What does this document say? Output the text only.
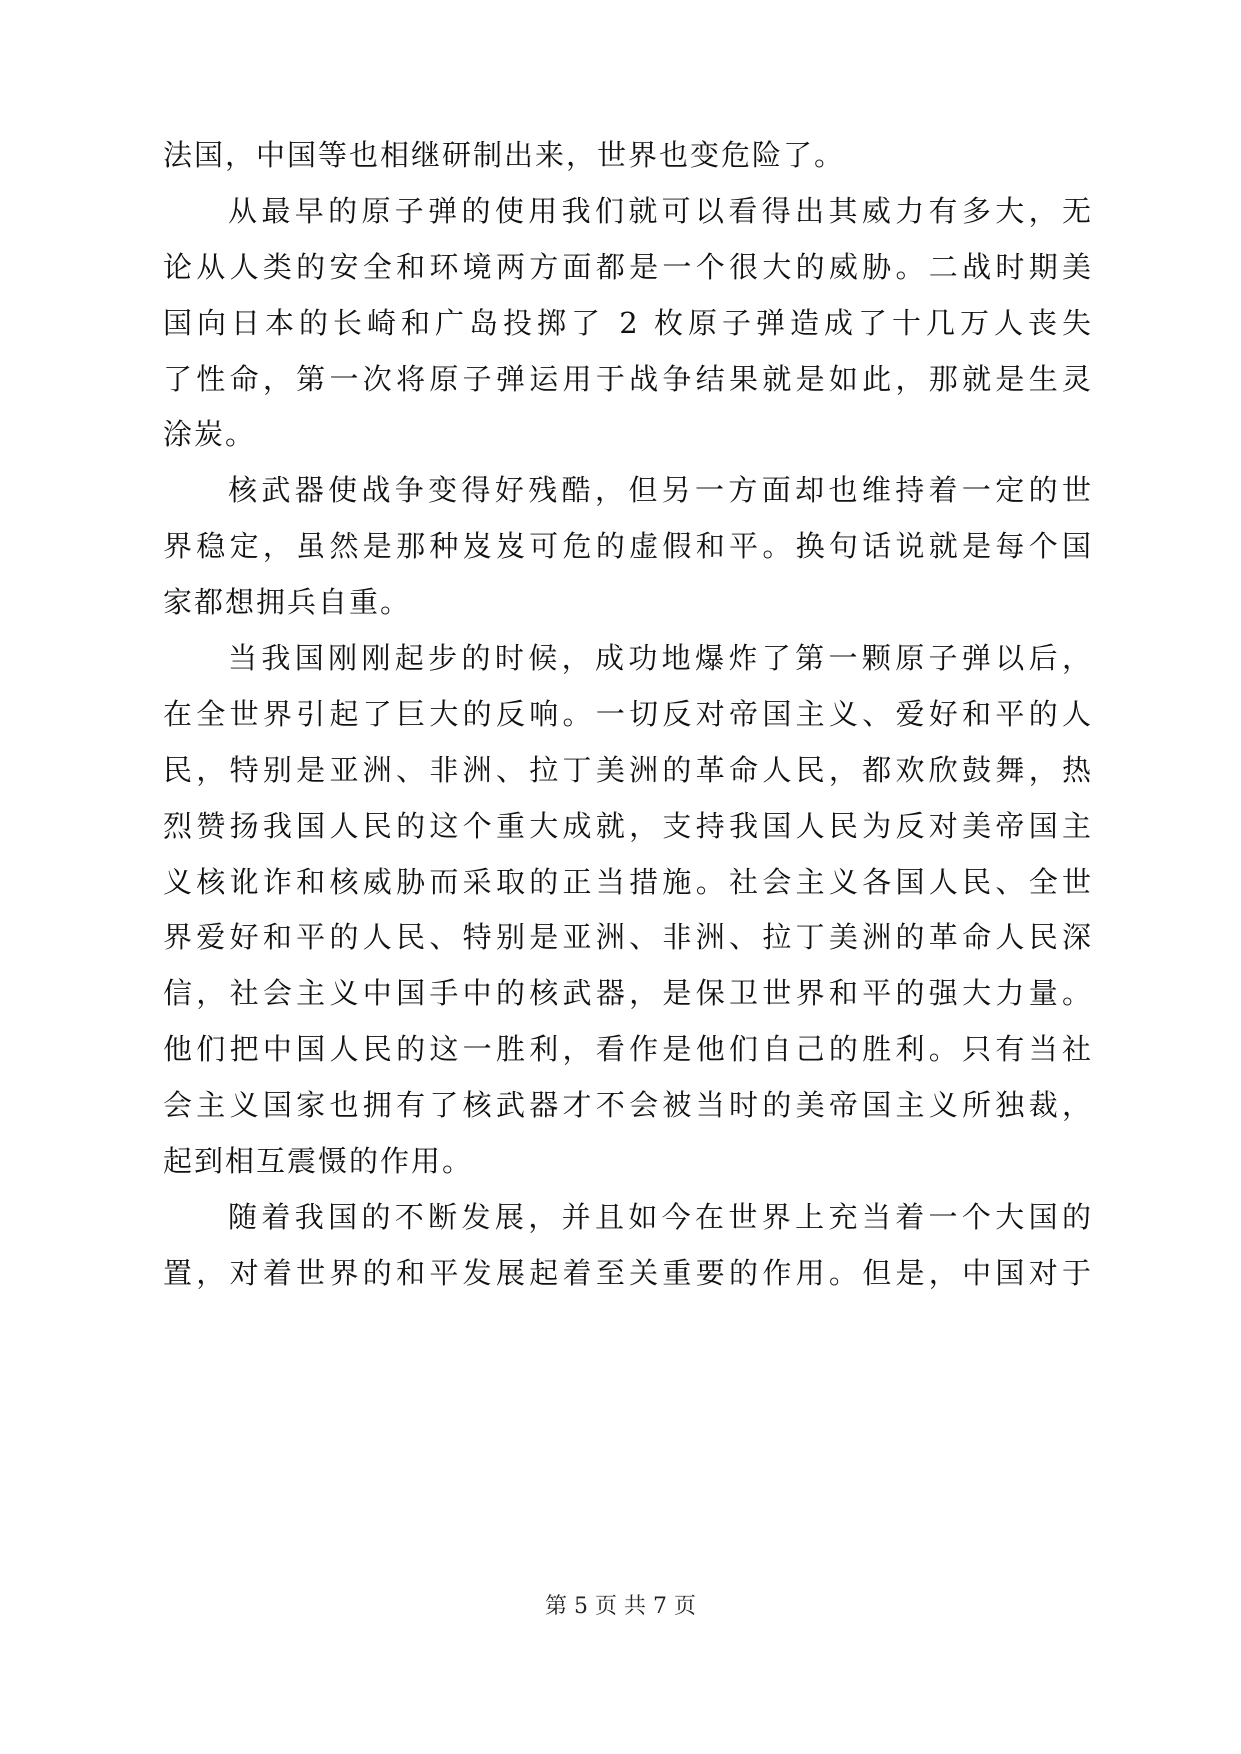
法国，中国等也相继研制出来，世界也变危险了。
从最早的原子弹的使用我们就可以看得出其威力有多大，无
论从人类的安全和环境两方面都是一个很大的威胁。二战时期美
国向日本的长崎和广岛投掷了 2 枚原子弹造成了十几万人丧失
了性命，第一次将原子弹运用于战争结果就是如此，那就是生灵
涂炭。
核武器使战争变得好残酷，但另一方面却也维持着一定的世
界稳定，虽然是那种岌岌可危的虚假和平。换句话说就是每个国
家都想拥兵自重。
当我国刚刚起步的时候，成功地爆炸了第一颗原子弹以后，
在全世界引起了巨大的反响。一切反对帝国主义、爱好和平的人
民，特别是亚洲、非洲、拉丁美洲的革命人民，都欢欣鼓舞，热
烈赞扬我国人民的这个重大成就，支持我国人民为反对美帝国主
义核讹诈和核威胁而采取的正当措施。社会主义各国人民、全世
界爱好和平的人民、特别是亚洲、非洲、拉丁美洲的革命人民深
信，社会主义中国手中的核武器，是保卫世界和平的强大力量。
他们把中国人民的这一胜利，看作是他们自己的胜利。只有当社
会主义国家也拥有了核武器才不会被当时的美帝国主义所独裁，
起到相互震慑的作用。
随着我国的不断发展，并且如今在世界上充当着一个大国的
置，对着世界的和平发展起着至关重要的作用。但是，中国对于
第 5 页 共 7 页
